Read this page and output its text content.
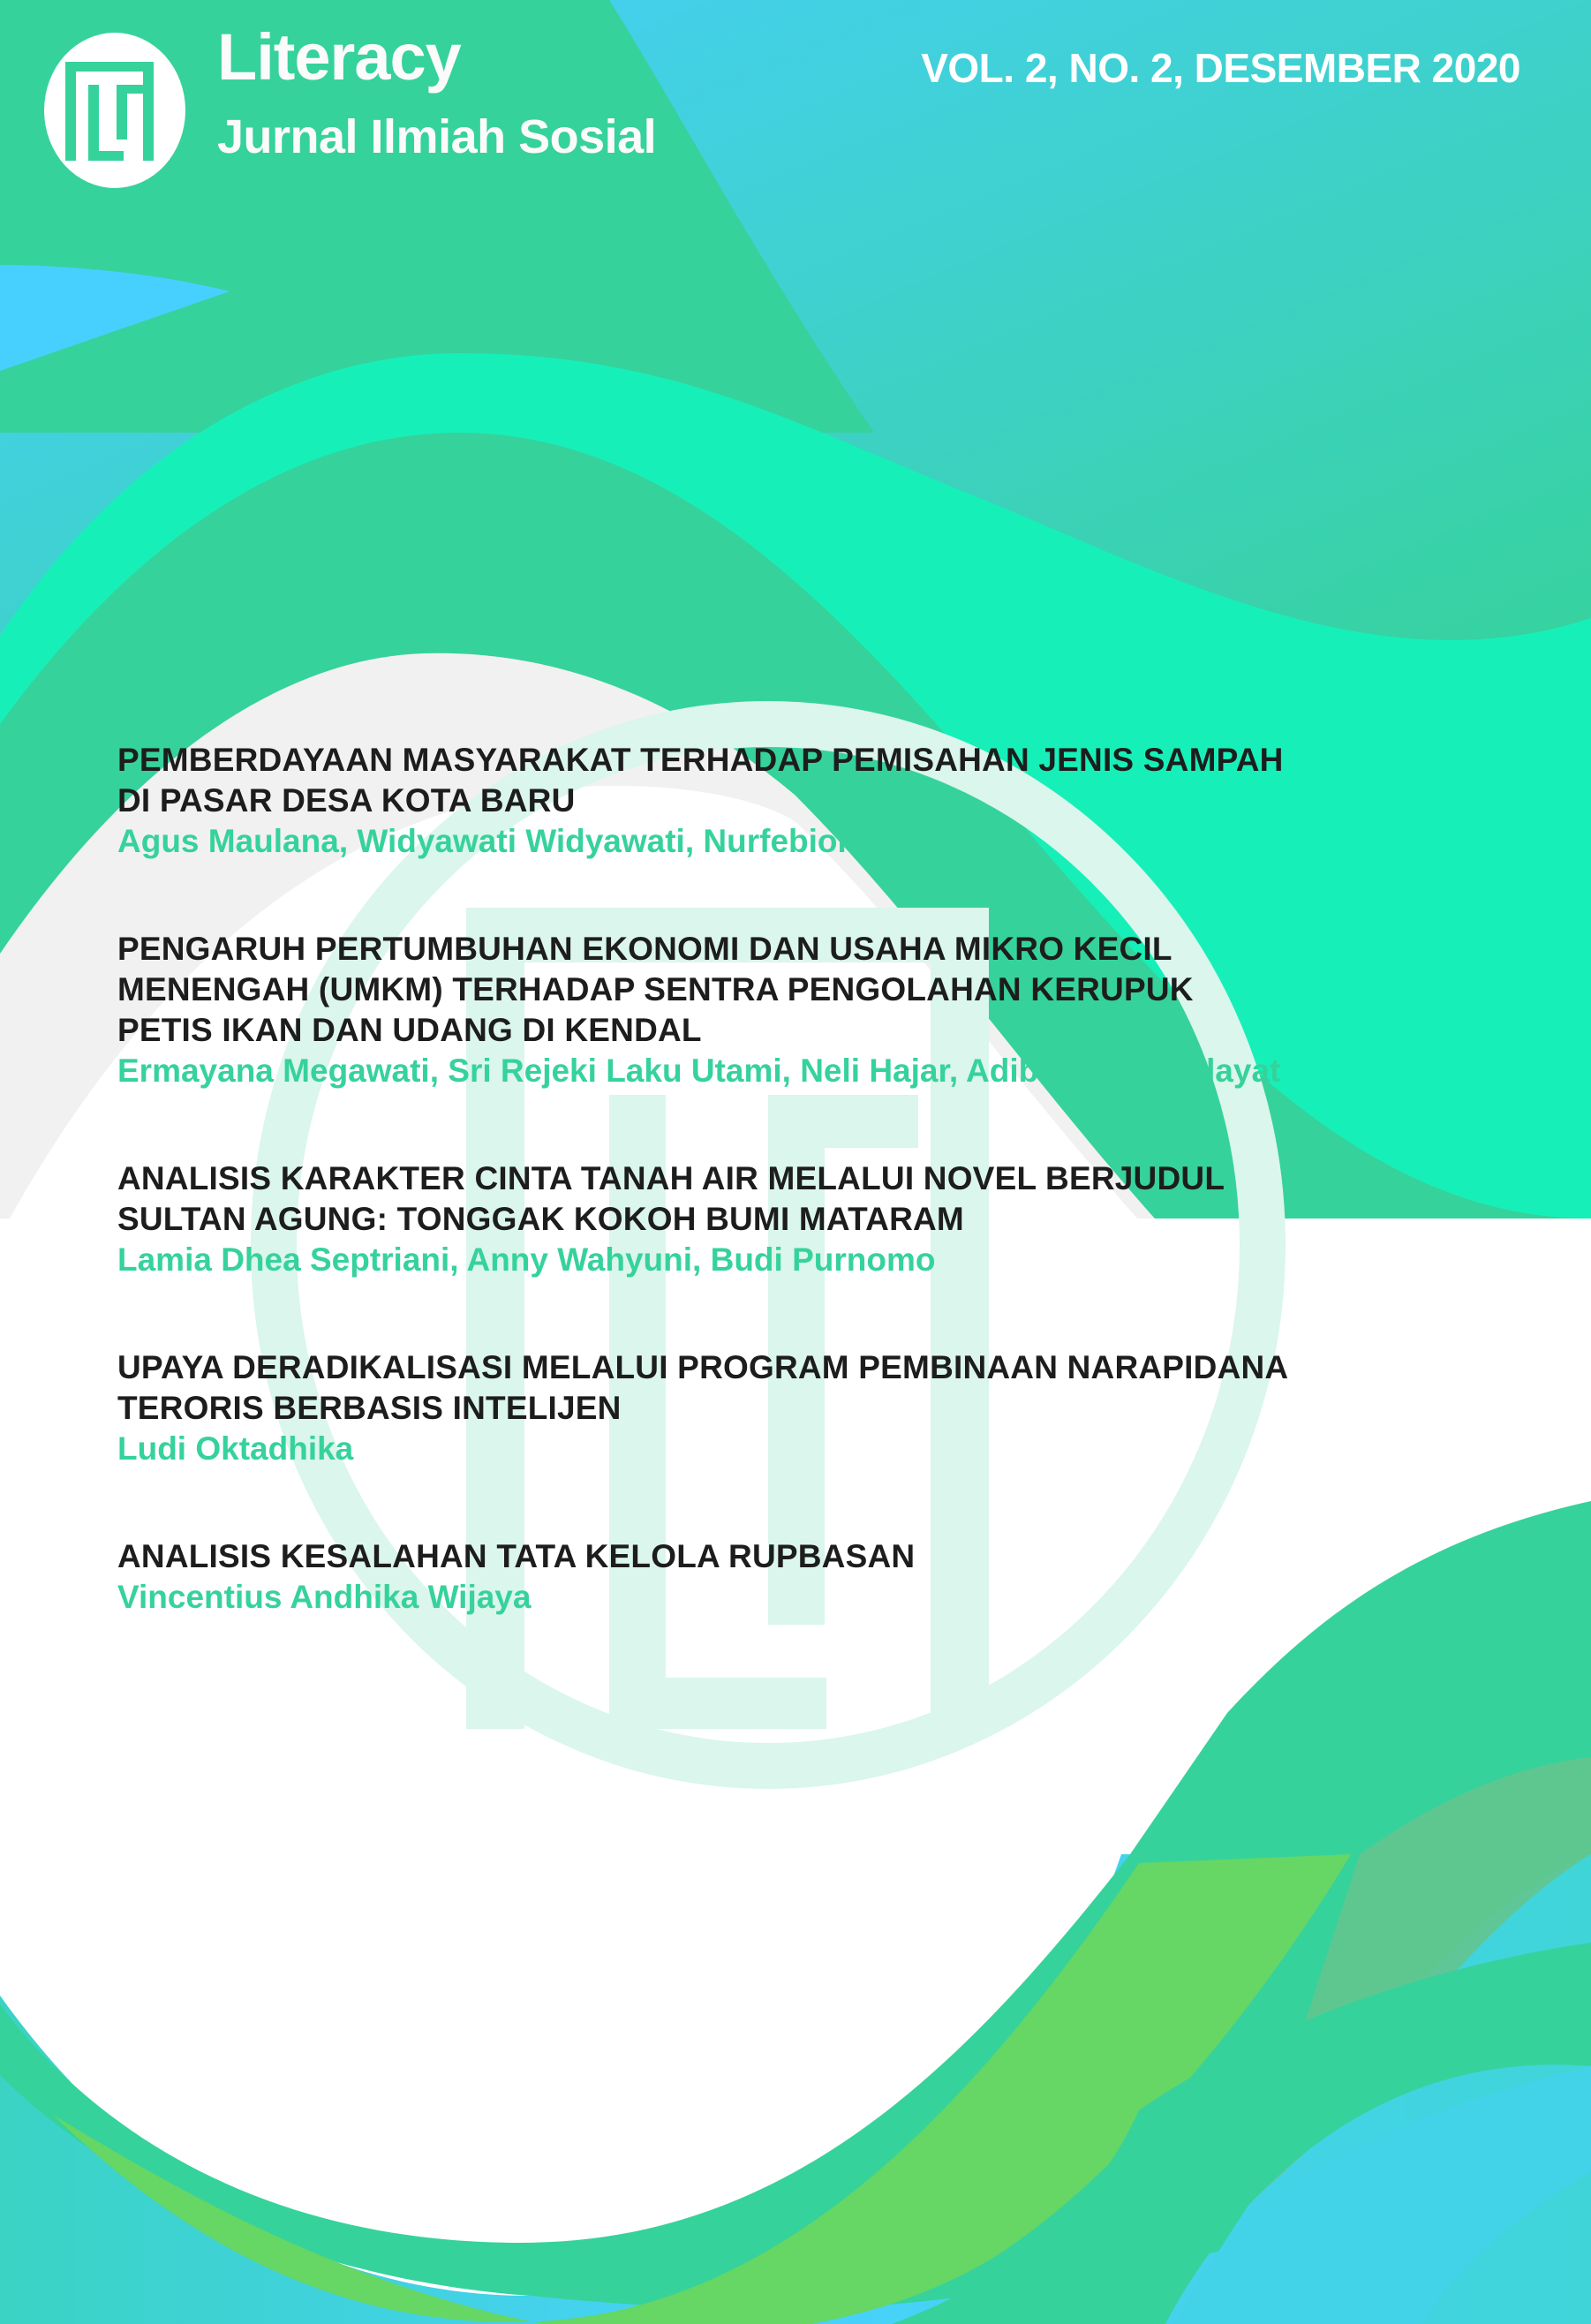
Literacy
Jurnal Ilmiah Sosial
VOL. 2, NO. 2, DESEMBER 2020
PEMBERDAYAAN MASYARAKAT TERHADAP PEMISAHAN JENIS SAMPAH
DI PASAR DESA KOTA BARU
Agus Maulana, Widyawati Widyawati, Nurfebiola Nurfebiola
PENGARUH PERTUMBUHAN EKONOMI DAN USAHA MIKRO KECIL
MENENGAH (UMKM) TERHADAP SENTRA PENGOLAHAN KERUPUK
PETIS IKAN DAN UDANG DI KENDAL
Ermayana Megawati, Sri Rejeki Laku Utami, Neli Hajar, Adib Wahyu Hidayat
ANALISIS KARAKTER CINTA TANAH AIR MELALUI NOVEL BERJUDUL
SULTAN AGUNG: TONGGAK KOKOH BUMI MATARAM
Lamia Dhea Septriani, Anny Wahyuni, Budi Purnomo
UPAYA DERADIKALISASI MELALUI PROGRAM PEMBINAAN NARAPIDANA
TERORIS BERBASIS INTELIJEN
Ludi Oktadhika
ANALISIS KESALAHAN TATA KELOLA RUPBASAN
Vincentius Andhika Wijaya
